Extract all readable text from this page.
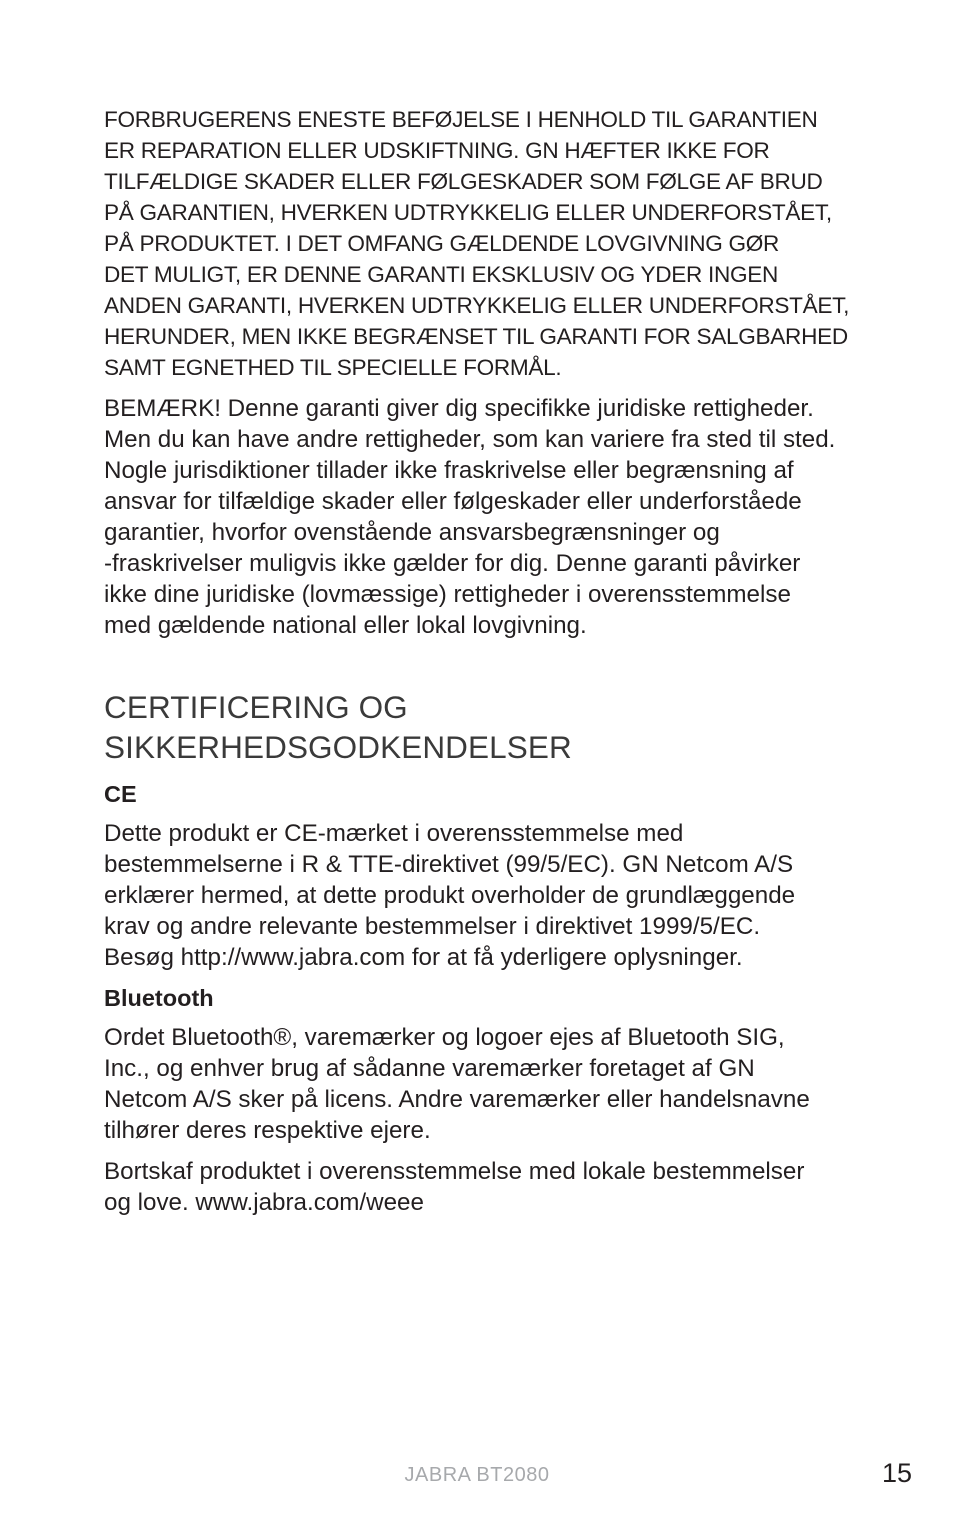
FORBRUGERENS ENESTE BEFØJELSE I HENHOLD TIL GARANTIEN
ER REPARATION ELLER UDSKIFTNING. GN HÆFTER IKKE FOR
TILFÆLDIGE SKADER ELLER FØLGESKADER SOM FØLGE AF BRUD
PÅ GARANTIEN, HVERKEN UDTRYKKELIG ELLER UNDERFORSTÅET,
PÅ PRODUKTET. I DET OMFANG GÆLDENDE LOVGIVNING GØR
DET MULIGT, ER DENNE GARANTI EKSKLUSIV OG YDER INGEN
ANDEN GARANTI, HVERKEN UDTRYKKELIG ELLER UNDERFORSTÅET,
HERUNDER, MEN IKKE BEGRÆNSET TIL GARANTI FOR SALGBARHED
SAMT EGNETHED TIL SPECIELLE FORMÅL.

BEMÆRK! Denne garanti giver dig specifikke juridiske rettigheder.
Men du kan have andre rettigheder, som kan variere fra sted til sted.
Nogle jurisdiktioner tillader ikke fraskrivelse eller begrænsning af
ansvar for tilfældige skader eller følgeskader eller underforståede
garantier, hvorfor ovenstående ansvarsbegrænsninger og
-fraskrivelser muligvis ikke gælder for dig. Denne garanti påvirker
ikke dine juridiske (lovmæssige) rettigheder i overensstemmelse
med gældende national eller lokal lovgivning.

CERTIFICERING OG SIKKERHEDSGODKENDELSER
CE

Dette produkt er CE-mærket i overensstemmelse med
bestemmelserne i R & TTE-direktivet (99/5/EC). GN Netcom A/S
erklærer hermed, at dette produkt overholder de grundlæggende
krav og andre relevante bestemmelser i direktivet 1999/5/EC.
Besøg http://www.jabra.com for at få yderligere oplysninger.

Bluetooth

Ordet Bluetooth®, varemærker og logoer ejes af Bluetooth SIG,
Inc., og enhver brug af sådanne varemærker foretaget af GN
Netcom A/S sker på licens. Andre varemærker eller handelsnavne
tilhører deres respektive ejere.

Bortskaf produktet i overensstemmelse med lokale bestemmelser
og love. www.jabra.com/weee

JABRA BT2080	15
